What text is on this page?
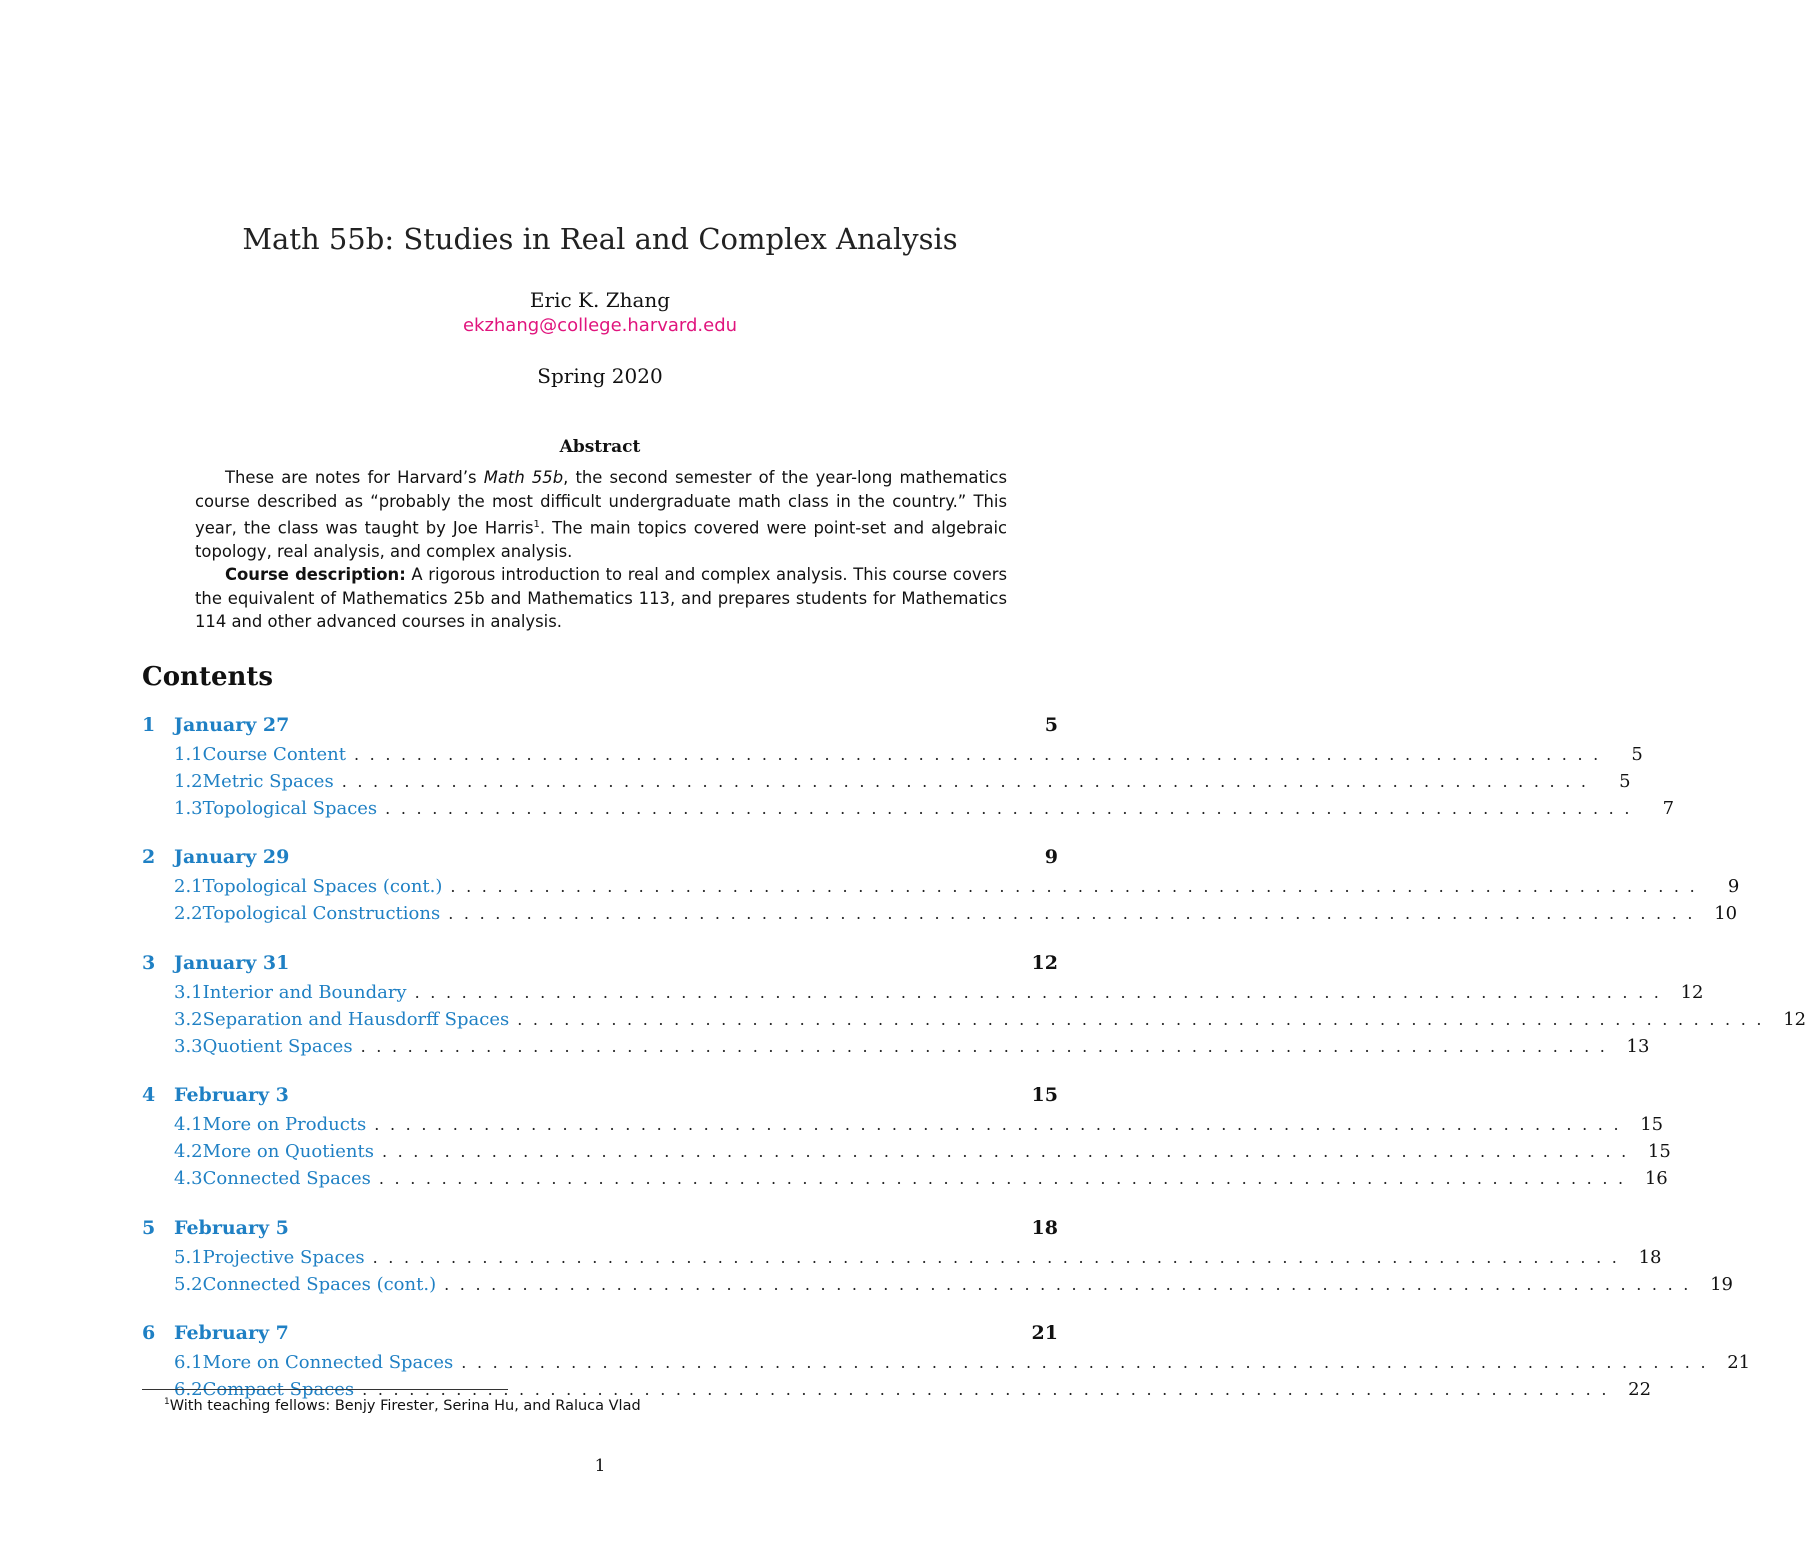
Math 55b: Studies in Real and Complex Analysis
Eric K. Zhang
ekzhang@college.harvard.edu
Spring 2020
Abstract

These are notes for Harvard’s Math 55b, the second semester of the year-long mathematics course described as “probably the most difficult undergraduate math class in the country.” This year, the class was taught by Joe Harris$^1$. The main topics covered were point-set and algebraic topology, real analysis, and complex analysis.

Course description: A rigorous introduction to real and complex analysis. This course covers the equivalent of Mathematics 25b and Mathematics 113, and prepares students for Mathematics 114 and other advanced courses in analysis.

Contents
1 January 27	5
1.1 Course Content ................................................................................	5
1.2 Metric Spaces ................................................................................	5
1.3 Topological Spaces ................................................................................	7
2 January 29	9
2.1 Topological Spaces (cont.) ................................................................................	9
2.2 Topological Constructions ................................................................................ 10
3 January 31	12
3.1 Interior and Boundary ................................................................................ 12
3.2 Separation and Hausdorff Spaces ................................................................................ 12
3.3 Quotient Spaces ................................................................................ 13
4 February 3	15
4.1 More on Products ................................................................................ 15
4.2 More on Quotients ................................................................................ 15
4.3 Connected Spaces ................................................................................ 16
5 February 5	18
5.1 Projective Spaces ................................................................................ 18
5.2 Connected Spaces (cont.) ................................................................................ 19
6 February 7	21
6.1 More on Connected Spaces ................................................................................ 21
6.2 Compact Spaces ................................................................................ 22
$^1$With teaching fellows: Benjy Firester, Serina Hu, and Raluca Vlad
1
